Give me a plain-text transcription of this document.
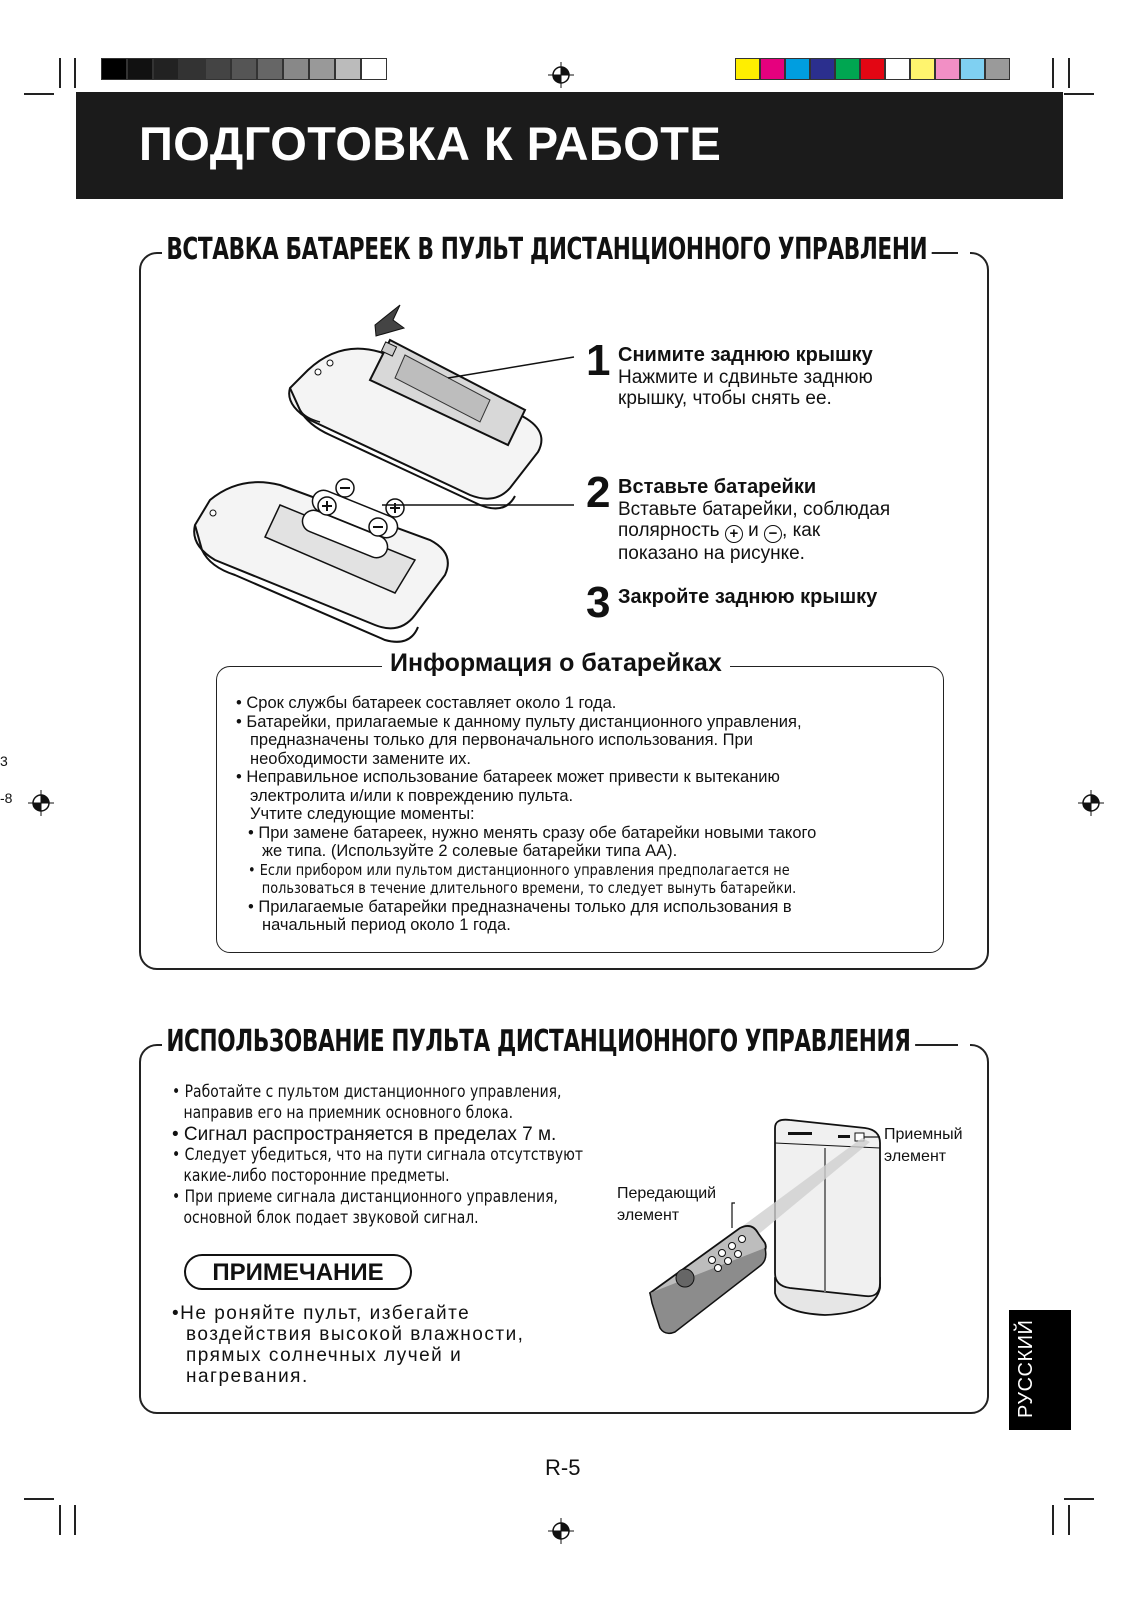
3
-8
ПОДГОТОВКА К РАБОТЕ
ВСТАВКА БАТАРЕЕК В ПУЛЬТ ДИСТАНЦИОННОГО УПРАВЛЕНИ
1 Снимите заднюю крышку
Нажмите и сдвиньте заднюю
крышку, чтобы снять ее.
2 Вставьте батарейки
Вставьте батарейки, соблюдая
полярность + и − , как
показано на рисунке.
3 Закройте заднюю крышку
Информация о батарейках
• Срок службы батареек составляет около 1 года.
• Батарейки, прилагаемые к данному пульту дистанционного управления,
предназначены только для первоначального использования. При
необходимости замените их.
• Неправильное использование батареек может привести к вытеканию
электролита и/или к повреждению пульта.
Учтите следующие моменты:
• При замене батареек, нужно менять сразу обе батарейки новыми такого
же типа. (Используйте 2 солевые батарейки типа AA).
• Если прибором или пультом дистанционного управления предполагается не
пользоваться в течение длительного времени, то следует вынуть батарейки.
• Прилагаемые батарейки предназначены только для использования в
начальный период около 1 года.
ИСПОЛЬЗОВАНИЕ ПУЛЬТА ДИСТАНЦИОННОГО УПРАВЛЕНИЯ
• Работайте с пультом дистанционного управления,
направив его на приемник основного блока.
• Сигнал распространяется в пределах 7 м.
• Следует убедиться, что на пути сигнала отсутствуют
какие-либо посторонние предметы.
• При приеме сигнала дистанционного управления,
основной блок подает звуковой сигнал.
ПРИМЕЧАНИЕ
•Не роняйте пульт, избегайте
воздействия высокой влажности,
прямых солнечных лучей и
нагревания.
Приемный
элемент
Передающий
элемент
РУССКИЙ
R-5
